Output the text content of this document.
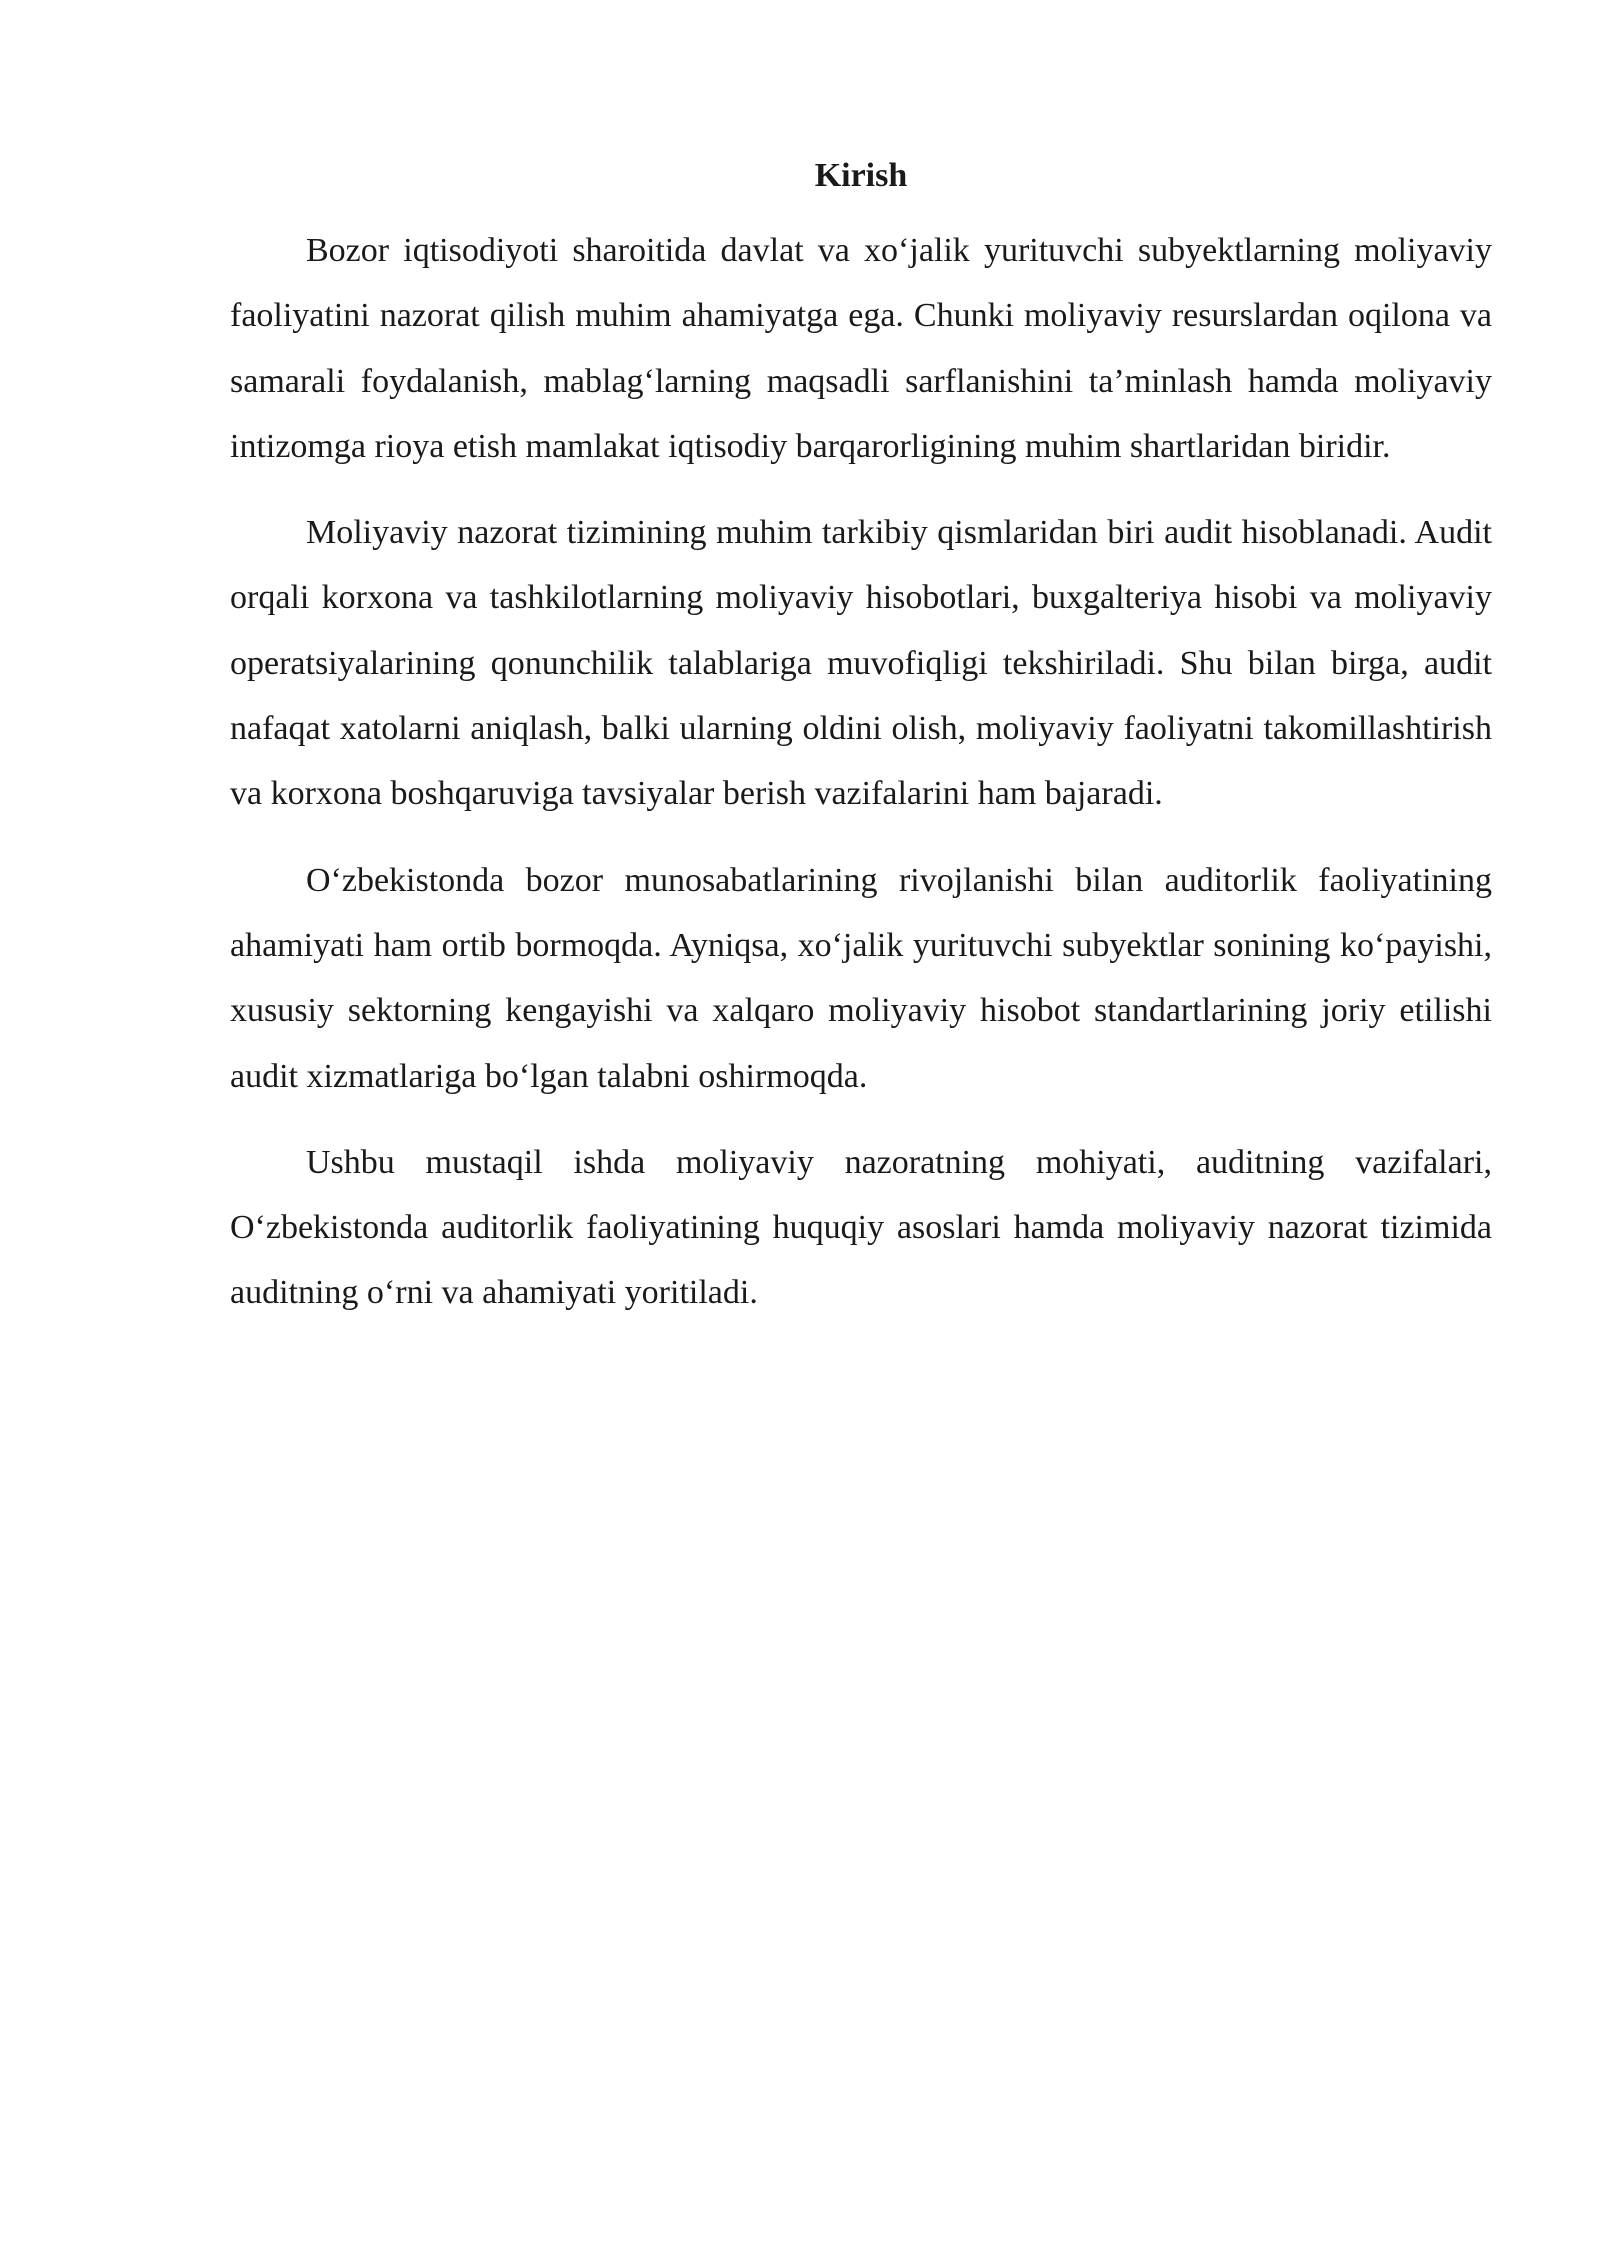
Kirish

Bozor iqtisodiyoti sharoitida davlat va xo‘jalik yurituvchi subyektlarning moliyaviy faoliyatini nazorat qilish muhim ahamiyatga ega. Chunki moliyaviy resurslardan oqilona va samarali foydalanish, mablag‘larning maqsadli sarflanishini ta’minlash hamda moliyaviy intizomga rioya etish mamlakat iqtisodiy barqarorligining muhim shartlaridan biridir.

Moliyaviy nazorat tizimining muhim tarkibiy qismlaridan biri audit hisoblanadi. Audit orqali korxona va tashkilotlarning moliyaviy hisobotlari, buxgalteriya hisobi va moliyaviy operatsiyalarining qonunchilik talablariga muvofiqligi tekshiriladi. Shu bilan birga, audit nafaqat xatolarni aniqlash, balki ularning oldini olish, moliyaviy faoliyatni takomillashtirish va korxona boshqaruviga tavsiyalar berish vazifalarini ham bajaradi.

O‘zbekistonda bozor munosabatlarining rivojlanishi bilan auditorlik faoliyatining ahamiyati ham ortib bormoqda. Ayniqsa, xo‘jalik yurituvchi subyektlar sonining ko‘payishi, xususiy sektorning kengayishi va xalqaro moliyaviy hisobot standartlarining joriy etilishi audit xizmatlariga bo‘lgan talabni oshirmoqda.

Ushbu mustaqil ishda moliyaviy nazoratning mohiyati, auditning vazifalari, O‘zbekistonda auditorlik faoliyatining huquqiy asoslari hamda moliyaviy nazorat tizimida auditning o‘rni va ahamiyati yoritiladi.
